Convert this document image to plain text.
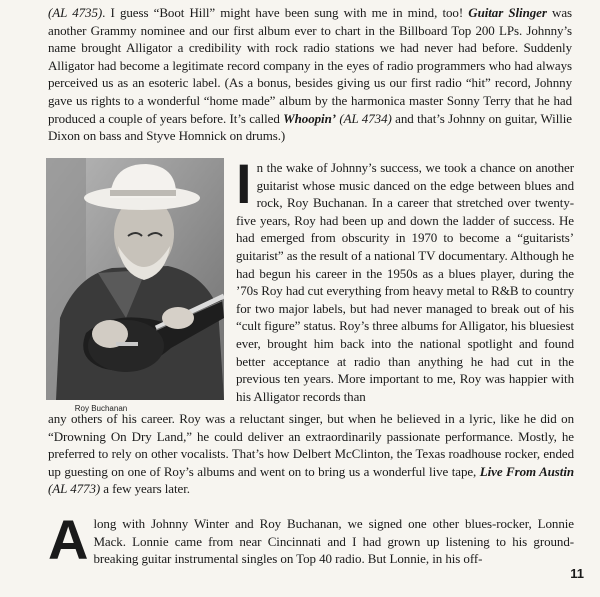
(AL 4735). I guess “Boot Hill” might have been sung with me in mind, too! Guitar Slinger was another Grammy nominee and our first album ever to chart in the Billboard Top 200 LPs. Johnny’s name brought Alligator a credibility with rock radio stations we had never had before. Suddenly Alligator had become a legitimate record company in the eyes of radio programmers who had always perceived us as an esoteric label. (As a bonus, besides giving us our first radio “hit” record, Johnny gave us rights to a wonderful “home made” album by the harmonica master Sonny Terry that he had produced a couple of years before. It’s called Whoopin’ (AL 4734) and that’s Johnny on guitar, Willie Dixon on bass and Styve Homnick on drums.)

Roy Buchanan

In the wake of Johnny’s success, we took a chance on another guitarist whose music danced on the edge between blues and rock, Roy Buchanan. In a career that stretched over twenty-five years, Roy had been up and down the ladder of success. He had emerged from obscurity in 1970 to become a “guitarists’ guitarist” as the result of a national TV documentary. Although he had begun his career in the 1950s as a blues player, during the ’70s Roy had cut everything from heavy metal to R&B to country for two major labels, but had never managed to break out of his “cult figure” status. Roy’s three albums for Alligator, his bluesiest ever, brought him back into the national spotlight and found better acceptance at radio than anything he had cut in the previous ten years. More important to me, Roy was happier with his Alligator records than

any others of his career. Roy was a reluctant singer, but when he believed in a lyric, like he did on “Drowning On Dry Land,” he could deliver an extraordinarily passionate performance. Mostly, he preferred to rely on other vocalists. That’s how Delbert McClinton, the Texas roadhouse rocker, ended up guesting on one of Roy’s albums and went on to bring us a wonderful live tape, Live From Austin (AL 4773) a few years later.

Along with Johnny Winter and Roy Buchanan, we signed one other blues-rocker, Lonnie Mack. Lonnie came from near Cincinnati and I had grown up listening to his ground-breaking guitar instrumental singles on Top 40 radio. But Lonnie, in his off-

11
